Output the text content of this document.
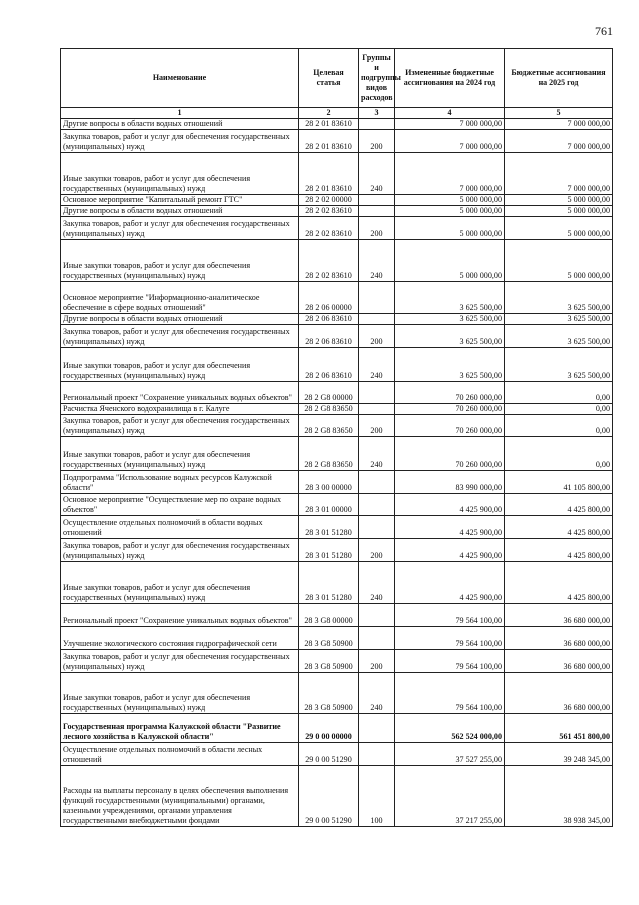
761
Наименование	Целевая статья	Группы и подгруппы видов расходов	Измененные бюджетные ассигнования на 2024 год	Бюджетные ассигнования на 2025 год
1	2	3	4	5
Другие вопросы в области водных отношений	28 2 01 83610		7 000 000,00	7 000 000,00
Закупка товаров, работ и услуг для обеспечения государственных (муниципальных) нужд	28 2 01 83610	200	7 000 000,00	7 000 000,00
Иные закупки товаров, работ и услуг для обеспечения государственных (муниципальных) нужд	28 2 01 83610	240	7 000 000,00	7 000 000,00
Основное мероприятие "Капитальный ремонт ГТС"	28 2 02 00000		5 000 000,00	5 000 000,00
Другие вопросы в области водных отношений	28 2 02 83610		5 000 000,00	5 000 000,00
Закупка товаров, работ и услуг для обеспечения государственных (муниципальных) нужд	28 2 02 83610	200	5 000 000,00	5 000 000,00
Иные закупки товаров, работ и услуг для обеспечения государственных (муниципальных) нужд	28 2 02 83610	240	5 000 000,00	5 000 000,00
Основное мероприятие "Информационно-аналитическое обеспечение в сфере водных отношений"	28 2 06 00000		3 625 500,00	3 625 500,00
Другие вопросы в области водных отношений	28 2 06 83610		3 625 500,00	3 625 500,00
Закупка товаров, работ и услуг для обеспечения государственных (муниципальных) нужд	28 2 06 83610	200	3 625 500,00	3 625 500,00
Иные закупки товаров, работ и услуг для обеспечения государственных (муниципальных) нужд	28 2 06 83610	240	3 625 500,00	3 625 500,00
Региональный проект "Сохранение уникальных водных объектов"	28 2 G8 00000		70 260 000,00	0,00
Расчистка Яченского водохранилища в г. Калуге	28 2 G8 83650		70 260 000,00	0,00
Закупка товаров, работ и услуг для обеспечения государственных (муниципальных) нужд	28 2 G8 83650	200	70 260 000,00	0,00
Иные закупки товаров, работ и услуг для обеспечения государственных (муниципальных) нужд	28 2 G8 83650	240	70 260 000,00	0,00
Подпрограмма "Использование водных ресурсов Калужской области"	28 3 00 00000		83 990 000,00	41 105 800,00
Основное мероприятие "Осуществление мер по охране водных объектов"	28 3 01 00000		4 425 900,00	4 425 800,00
Осуществление отдельных полномочий в области водных отношений	28 3 01 51280		4 425 900,00	4 425 800,00
Закупка товаров, работ и услуг для обеспечения государственных (муниципальных) нужд	28 3 01 51280	200	4 425 900,00	4 425 800,00
Иные закупки товаров, работ и услуг для обеспечения государственных (муниципальных) нужд	28 3 01 51280	240	4 425 900,00	4 425 800,00
Региональный проект "Сохранение уникальных водных объектов"	28 3 G8 00000		79 564 100,00	36 680 000,00
Улучшение экологического состояния гидрографической сети	28 3 G8 50900		79 564 100,00	36 680 000,00
Закупка товаров, работ и услуг для обеспечения государственных (муниципальных) нужд	28 3 G8 50900	200	79 564 100,00	36 680 000,00
Иные закупки товаров, работ и услуг для обеспечения государственных (муниципальных) нужд	28 3 G8 50900	240	79 564 100,00	36 680 000,00
Государственная программа Калужской области "Развитие лесного хозяйства в Калужской области"	29 0 00 00000		562 524 000,00	561 451 800,00
Осуществление отдельных полномочий в области лесных отношений	29 0 00 51290		37 527 255,00	39 248 345,00
Расходы на выплаты персоналу в целях обеспечения выполнения функций государственными (муниципальными) органами, казенными учреждениями, органами управления государственными внебюджетными фондами	29 0 00 51290	100	37 217 255,00	38 938 345,00
